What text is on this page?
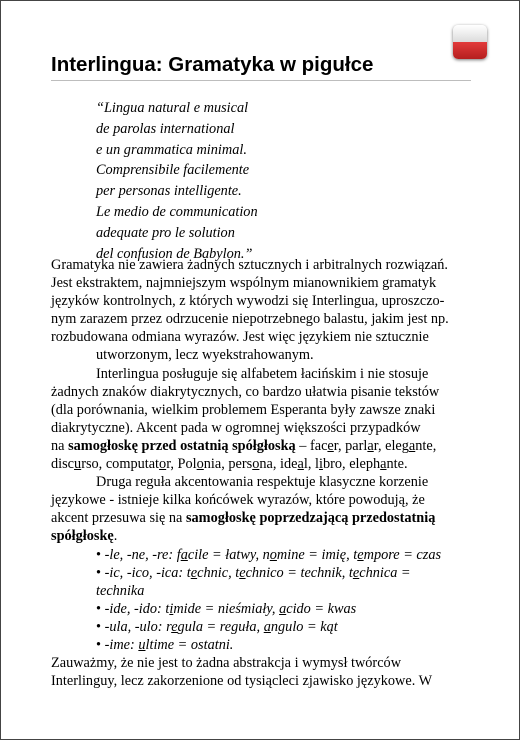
Interlingua: Gramatyka w pigułce
“Lingua natural e musical
de parolas international
e un grammatica minimal.
Comprensibile facilemente
per personas intelligente.
Le medio de communication
adequate pro le solution
del confusion de Babylon.”
Gramatyka nie zawiera żadnych sztucznych i arbitralnych rozwiązań.
Jest ekstraktem, najmniejszym wspólnym mianownikiem gramatyk
języków kontrolnych, z których wywodzi się Interlingua, uproszczo-
nym zarazem przez odrzucenie niepotrzebnego balastu, jakim jest np.
rozbudowana odmiana wyrazów. Jest więc językiem nie sztucznie
utworzonym, lecz wyekstrahowanym.
Interlingua posługuje się alfabetem łacińskim i nie stosuje
żadnych znaków diakrytycznych, co bardzo ułatwia pisanie tekstów
(dla porównania, wielkim problemem Esperanta były zawsze znaki
diakrytyczne). Akcent pada w ogromnej większości przypadków
na samogłoskę przed ostatnią spółgłoską – facer, parlar, elegante,
discurso, computator, Polonia, persona, ideal, libro, elephante.
Druga reguła akcentowania respektuje klasyczne korzenie
językowe - istnieje kilka końcówek wyrazów, które powodują, że
akcent przesuwa się na samogłoskę poprzedzającą przedostatnią
spółgłoskę.
• -le, -ne, -re: facile = łatwy, nomine = imię, tempore = czas
• -ic, -ico, -ica: technic, technico = technik, technica =
technika
• -ide, -ido: timide = nieśmiały, acido = kwas
• -ula, -ulo: regula = reguła, angulo = kąt
• -ime: ultime = ostatni.
Zauważmy, że nie jest to żadna abstrakcja i wymysł twórców
Interlinguy, lecz zakorzenione od tysiącleci zjawisko językowe. W
